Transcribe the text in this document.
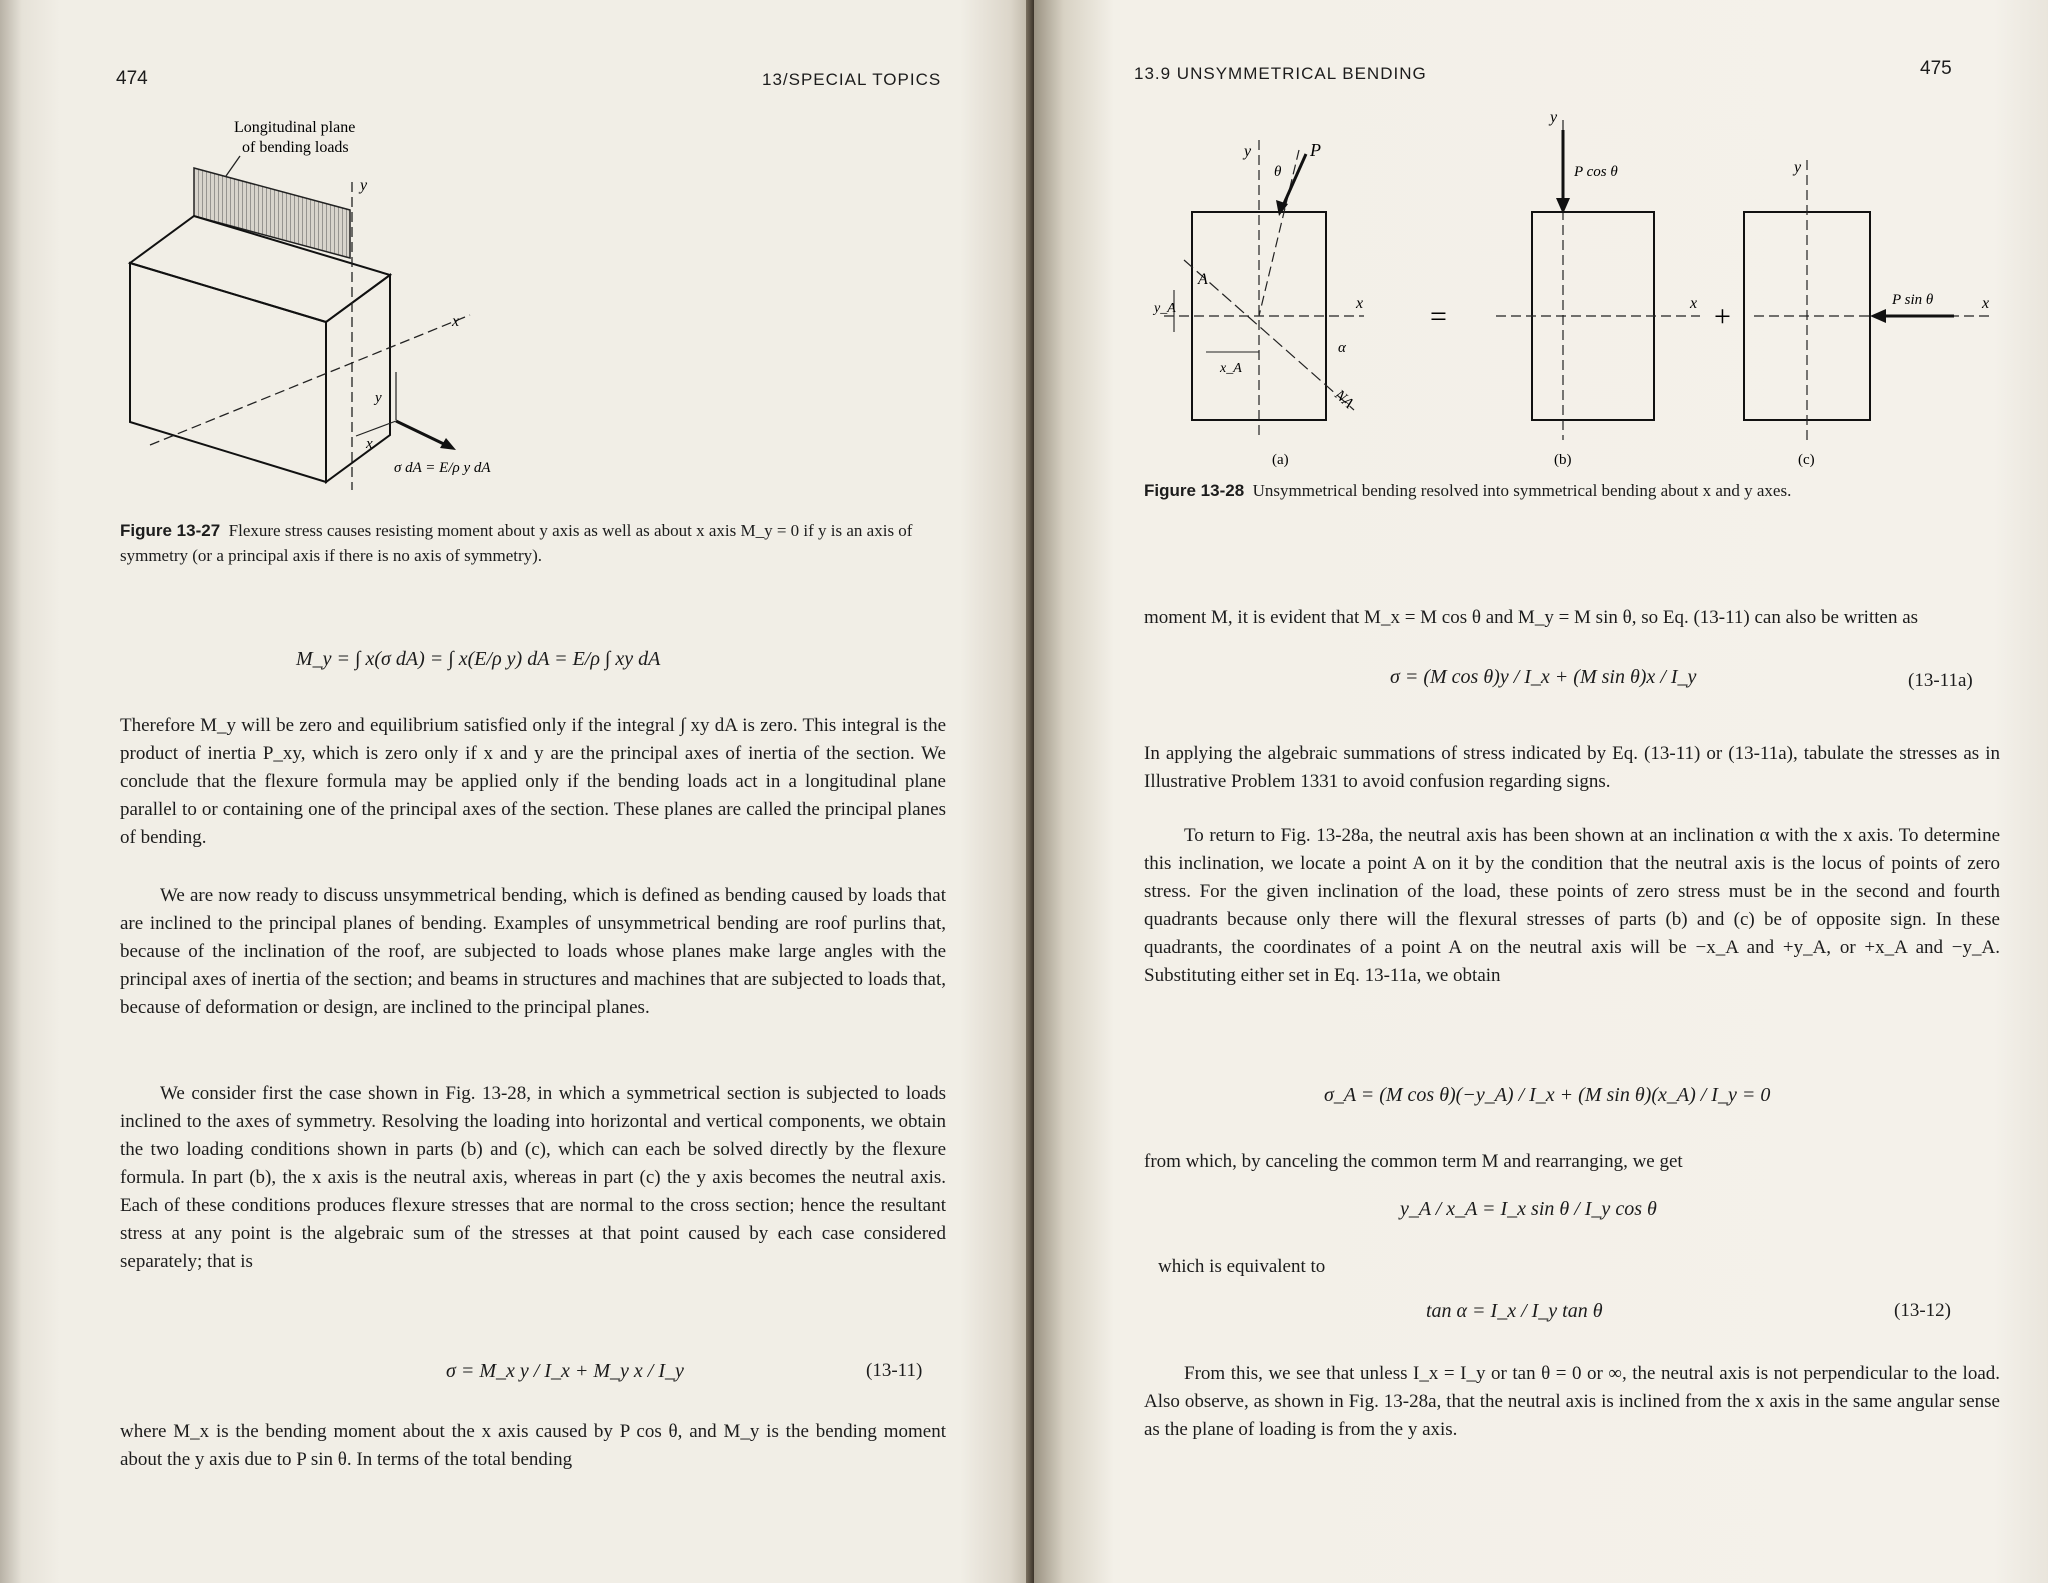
474	13/SPECIAL TOPICS
Longitudinal plane
of bending loads
y
x
y
x
σ dA = E/ρ y dA
Figure 13-27 Flexure stress causes resisting moment about y axis as well as about x axis M_y = 0 if y is an axis of symmetry (or a principal axis if there is no axis of symmetry).
M_y = ∫ x(σ dA) = ∫ x(E/ρ y) dA = E/ρ ∫ xy dA
Therefore M_y will be zero and equilibrium satisfied only if the integral ∫ xy dA is zero. This integral is the product of inertia P_xy, which is zero only if x and y are the principal axes of inertia of the section. We conclude that the flexure formula may be applied only if the bending loads act in a longitudinal plane parallel to or containing one of the principal axes of the section. These planes are called the principal planes of bending.
We are now ready to discuss unsymmetrical bending, which is defined as bending caused by loads that are inclined to the principal planes of bending. Examples of unsymmetrical bending are roof purlins that, because of the inclination of the roof, are subjected to loads whose planes make large angles with the principal axes of inertia of the section; and beams in structures and machines that are subjected to loads that, because of deformation or design, are inclined to the principal planes.
We consider first the case shown in Fig. 13-28, in which a symmetrical section is subjected to loads inclined to the axes of symmetry. Resolving the loading into horizontal and vertical components, we obtain the two loading conditions shown in parts (b) and (c), which can each be solved directly by the flexure formula. In part (b), the x axis is the neutral axis, whereas in part (c) the y axis becomes the neutral axis. Each of these conditions produces flexure stresses that are normal to the cross section; hence the resultant stress at any point is the algebraic sum of the stresses at that point caused by each case considered separately; that is
σ = M_x y / I_x + M_y x / I_y	(13-11)
where M_x is the bending moment about the x axis caused by P cos θ, and M_y is the bending moment about the y axis due to P sin θ. In terms of the total bending
13.9 UNSYMMETRICAL BENDING	475
y
x
P
θ
NA
α
A
y_A
x_A
(a)
=
y
P cos θ
x
(b)
+
y
P sin θ	x
(c)
Figure 13-28 Unsymmetrical bending resolved into symmetrical bending about x and y axes.
moment M, it is evident that M_x = M cos θ and M_y = M sin θ, so Eq. (13-11) can also be written as
σ = (M cos θ)y / I_x + (M sin θ)x / I_y	(13-11a)
In applying the algebraic summations of stress indicated by Eq. (13-11) or (13-11a), tabulate the stresses as in Illustrative Problem 1331 to avoid confusion regarding signs.
To return to Fig. 13-28a, the neutral axis has been shown at an inclination α with the x axis. To determine this inclination, we locate a point A on it by the condition that the neutral axis is the locus of points of zero stress. For the given inclination of the load, these points of zero stress must be in the second and fourth quadrants because only there will the flexural stresses of parts (b) and (c) be of opposite sign. In these quadrants, the coordinates of a point A on the neutral axis will be −x_A and +y_A, or +x_A and −y_A. Substituting either set in Eq. 13-11a, we obtain
σ_A = (M cos θ)(−y_A) / I_x + (M sin θ)(x_A) / I_y = 0
from which, by canceling the common term M and rearranging, we get
y_A / x_A = I_x sin θ / I_y cos θ
which is equivalent to
tan α = I_x / I_y tan θ	(13-12)
From this, we see that unless I_x = I_y or tan θ = 0 or ∞, the neutral axis is not perpendicular to the load. Also observe, as shown in Fig. 13-28a, that the neutral axis is inclined from the x axis in the same angular sense as the plane of loading is from the y axis.
